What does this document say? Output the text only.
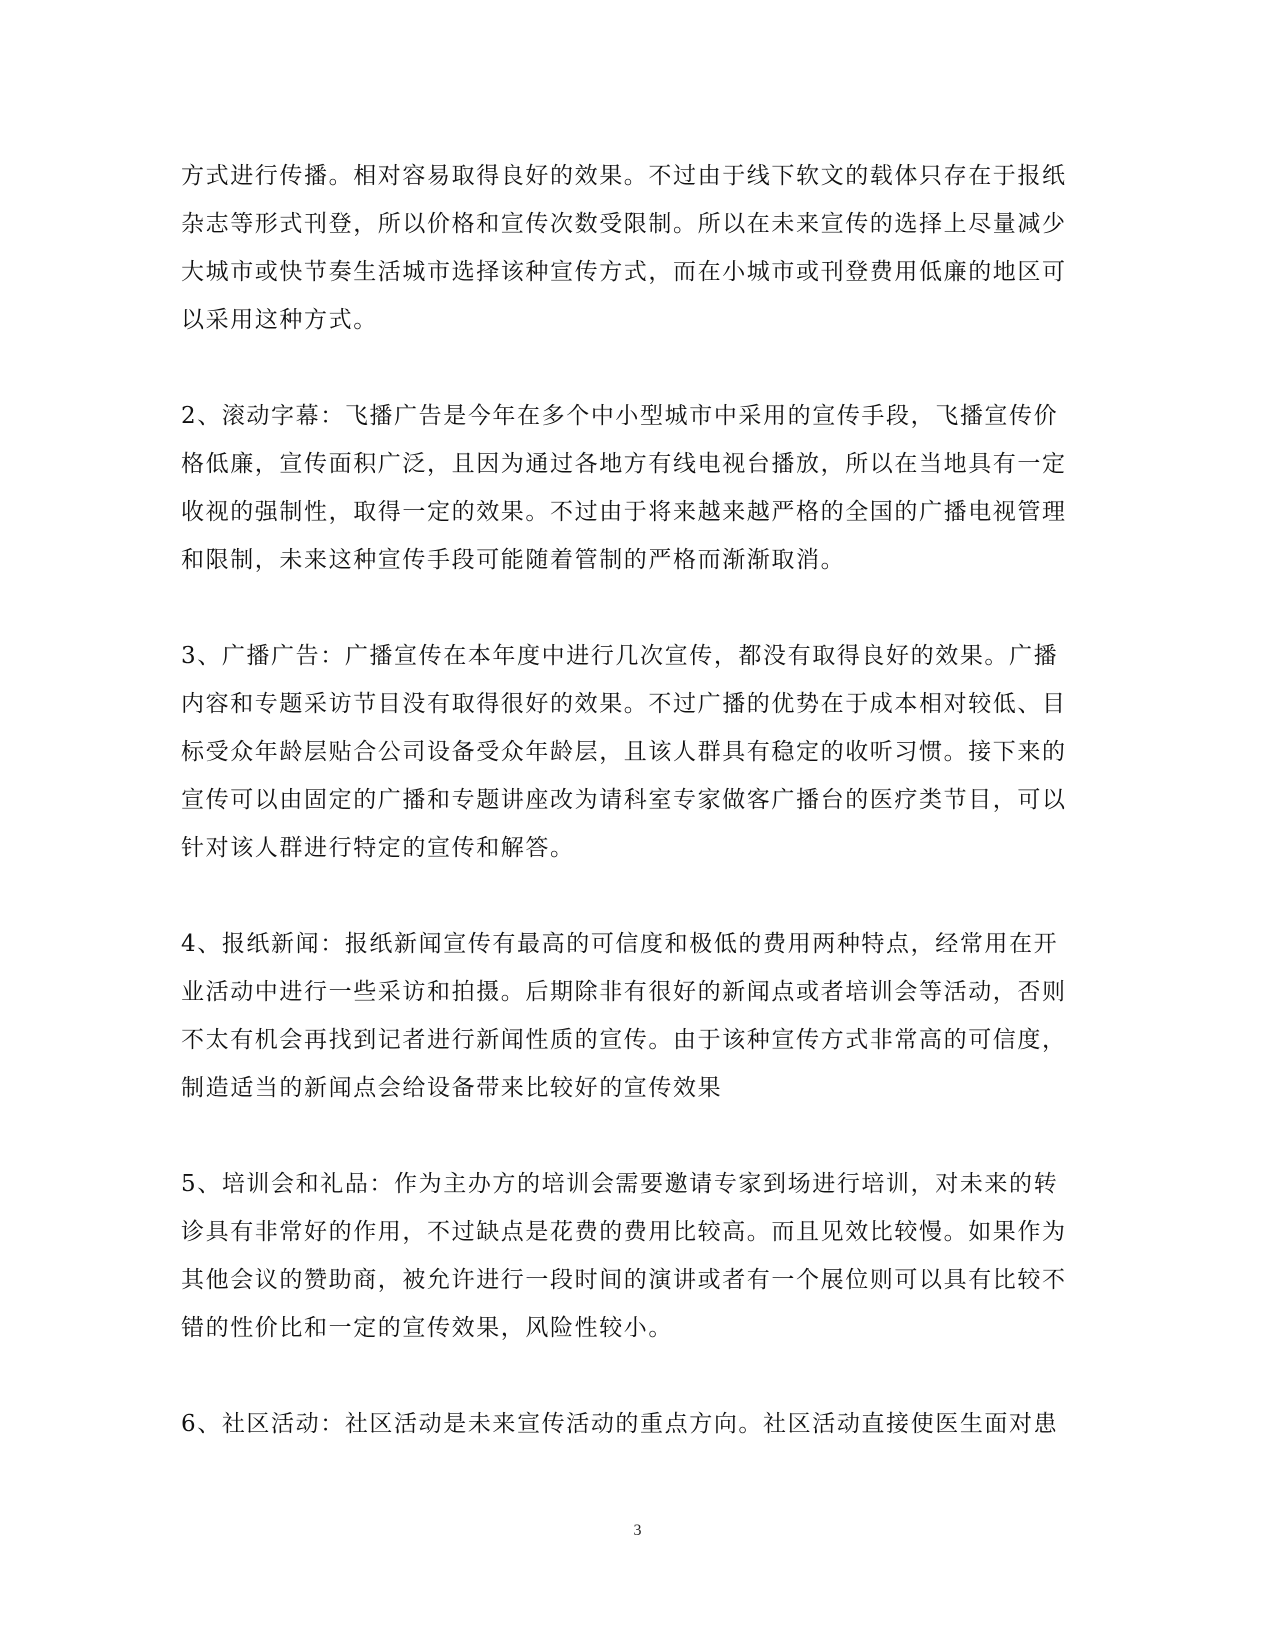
方式进行传播。相对容易取得良好的效果。不过由于线下软文的载体只存在于报纸
杂志等形式刊登，所以价格和宣传次数受限制。所以在未来宣传的选择上尽量减少
大城市或快节奏生活城市选择该种宣传方式，而在小城市或刊登费用低廉的地区可
以采用这种方式。

2、滚动字幕：飞播广告是今年在多个中小型城市中采用的宣传手段，飞播宣传价
格低廉，宣传面积广泛，且因为通过各地方有线电视台播放，所以在当地具有一定
收视的强制性，取得一定的效果。不过由于将来越来越严格的全国的广播电视管理
和限制，未来这种宣传手段可能随着管制的严格而渐渐取消。

3、广播广告：广播宣传在本年度中进行几次宣传，都没有取得良好的效果。广播
内容和专题采访节目没有取得很好的效果。不过广播的优势在于成本相对较低、目
标受众年龄层贴合公司设备受众年龄层，且该人群具有稳定的收听习惯。接下来的
宣传可以由固定的广播和专题讲座改为请科室专家做客广播台的医疗类节目，可以
针对该人群进行特定的宣传和解答。

4、报纸新闻：报纸新闻宣传有最高的可信度和极低的费用两种特点，经常用在开
业活动中进行一些采访和拍摄。后期除非有很好的新闻点或者培训会等活动，否则
不太有机会再找到记者进行新闻性质的宣传。由于该种宣传方式非常高的可信度，
制造适当的新闻点会给设备带来比较好的宣传效果

5、培训会和礼品：作为主办方的培训会需要邀请专家到场进行培训，对未来的转
诊具有非常好的作用，不过缺点是花费的费用比较高。而且见效比较慢。如果作为
其他会议的赞助商，被允许进行一段时间的演讲或者有一个展位则可以具有比较不
错的性价比和一定的宣传效果，风险性较小。

6、社区活动：社区活动是未来宣传活动的重点方向。社区活动直接使医生面对患

3
